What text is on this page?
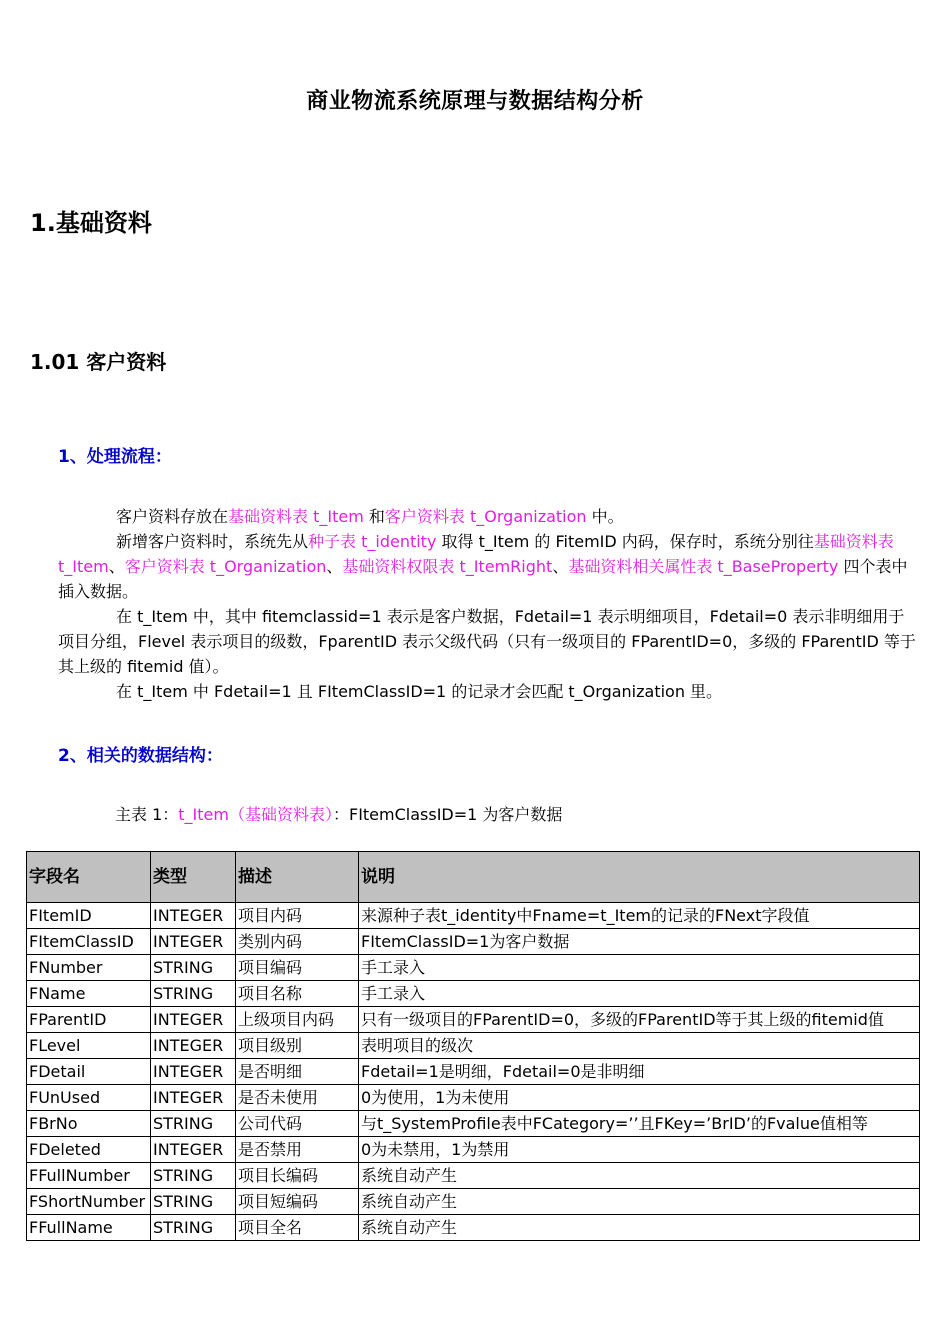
商业物流系统原理与数据结构分析
1.基础资料
1.01 客户资料
1、处理流程：
客户资料存放在基础资料表 t_Item 和客户资料表 t_Organization 中。
新增客户资料时，系统先从种子表 t_identity 取得 t_Item 的 FitemID 内码，保存时，系统分别往基础资料表 t_Item、客户资料表 t_Organization、基础资料权限表 t_ItemRight、基础资料相关属性表 t_BaseProperty 四个表中插入数据。
在 t_Item 中，其中 fitemclassid=1 表示是客户数据，Fdetail=1 表示明细项目，Fdetail=0 表示非明细用于项目分组，Flevel 表示项目的级数，FparentID 表示父级代码（只有一级项目的 FParentID=0，多级的 FParentID 等于其上级的 fitemid 值）。
在 t_Item 中 Fdetail=1 且 FItemClassID=1 的记录才会匹配 t_Organization 里。
2、相关的数据结构：
主表 1：t_Item（基础资料表）：FItemClassID=1 为客户数据
字段名	类型	描述	说明
FItemID	INTEGER	项目内码	来源种子表t_identity中Fname=t_Item的记录的FNext字段值
FItemClassID	INTEGER	类别内码	FItemClassID=1为客户数据
FNumber	STRING	项目编码	手工录入
FName	STRING	项目名称	手工录入
FParentID	INTEGER	上级项目内码	只有一级项目的FParentID=0，多级的FParentID等于其上级的fitemid值
FLevel	INTEGER	项目级别	表明项目的级次
FDetail	INTEGER	是否明细	Fdetail=1是明细，Fdetail=0是非明细
FUnUsed	INTEGER	是否未使用	0为使用，1为未使用
FBrNo	STRING	公司代码	与t_SystemProfile表中FCategory=’’且FKey=’BrID’的Fvalue值相等
FDeleted	INTEGER	是否禁用	0为未禁用，1为禁用
FFullNumber	STRING	项目长编码	系统自动产生
FShortNumber	STRING	项目短编码	系统自动产生
FFullName	STRING	项目全名	系统自动产生
